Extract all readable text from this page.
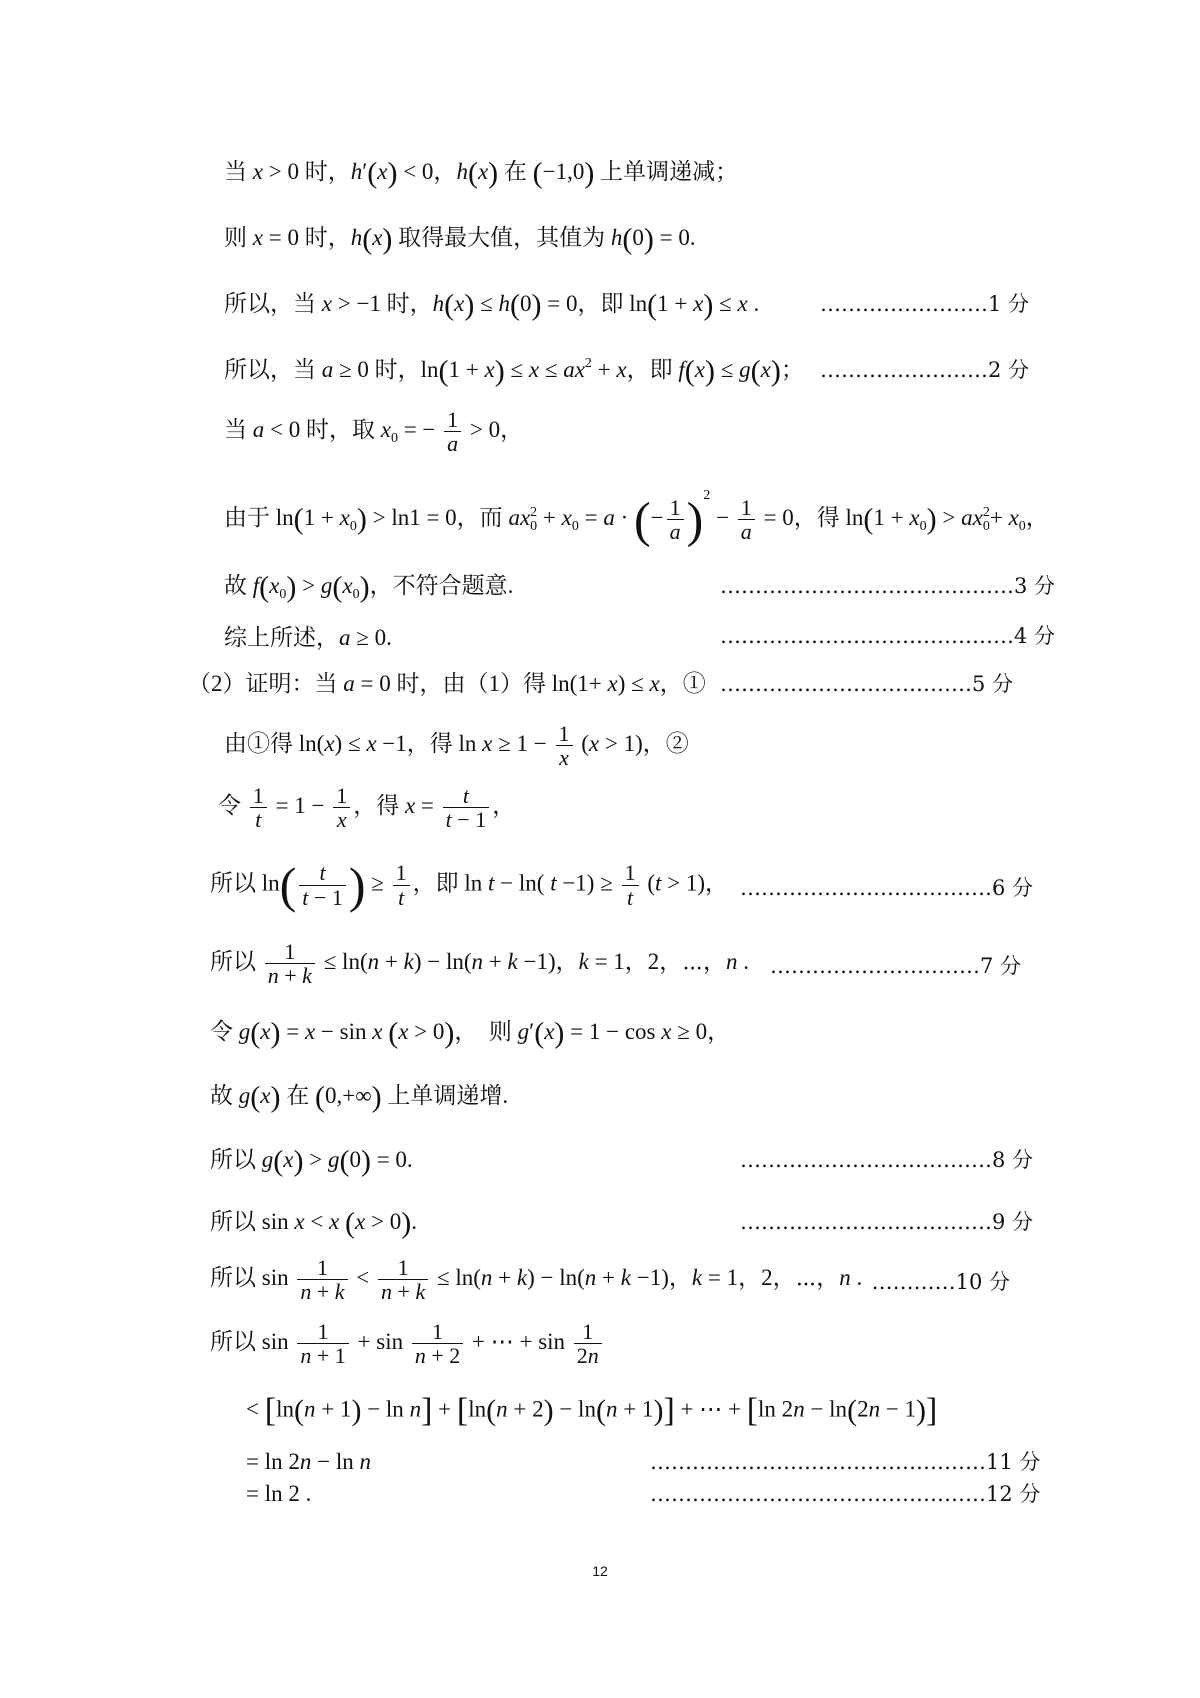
当 x > 0 时，h′(x) < 0，h(x) 在 (−1,0) 上单调递减；
则 x = 0 时，h(x) 取得最大值，其值为 h(0) = 0.
所以，当 x > −1 时，h(x) ≤ h(0) = 0，即 ln(1 + x) ≤ x .	……………………1 分
所以，当 a ≥ 0 时，$\ln(1 + x) \le x \le ax^2 + x$，即 f(x) ≤ g(x)； ……………………2 分
当 a < 0 时，取 $x_0$ = − $\frac{1}{a} > 0$，
由于 $\ln(1 + x_0) > \ln 1 = 0$，而 ax 2
$0 + x_0 = a$ · (− $\frac{1}{a} )^2 - \frac{1}{a} = 0$，得 $\ln(1 + x_0)$ > ax 2
$0 + x_0$，
故 $f(x_0) > g(x_0)$，不符合题意.	……………………………………3 分
综上所述，a ≥ 0.	……………………………………4 分
（2）证明：当 a = 0 时，由（1）得 ln(1+ x) ≤ x，① ………………………………5 分
由①得 ln(x) ≤ x −1，得 $\ln x \ge 1 - \frac{1}{x} (x > 1)$，②
令 $\frac{1}{t} = 1 - \frac{1}{x}$ ，得 $x = \frac{t}{t - 1}$ ，
所以 $\ln( \frac{t}{t - 1}$ ) ≥ $\frac{1}{t}$ ，即 ln t − ln( $t -1) \ge \frac{1}{t} (t > 1)$， ………………………………6 分
所以 $\frac{1}{n + k} \le \ln(n + k) - \ln(n + k -1)$，k = 1，2，⋯，n . …………………………7 分
令 g(x) = x − sin x (x > 0)，　则 g′(x) = 1 − cos x ≥ 0，
故 g(x) 在 (0,+∞) 上单调递增.
所以 g(x) > g(0) = 0.	………………………………8 分
所以 sin x < x (x > 0).	………………………………9 分
所以 $\sin \frac{1}{n + k} < \frac{1}{n + k} \le \ln(n + k) - \ln(n + k -1)$，k = 1，2，⋯，n . …………10 分
所以 $\sin \frac{1}{n + 1} + \sin \frac{1}{n + 2}$ + ⋯ + $\sin \frac{1}{2n}$
< [ln(n + 1) − ln n] + [ln(n + 2) − ln(n + 1)] + ⋯ + [ln 2n − ln(2n − 1)]
= ln 2n − ln n	…………………………………………11 分
= ln 2 .	…………………………………………12 分
12
